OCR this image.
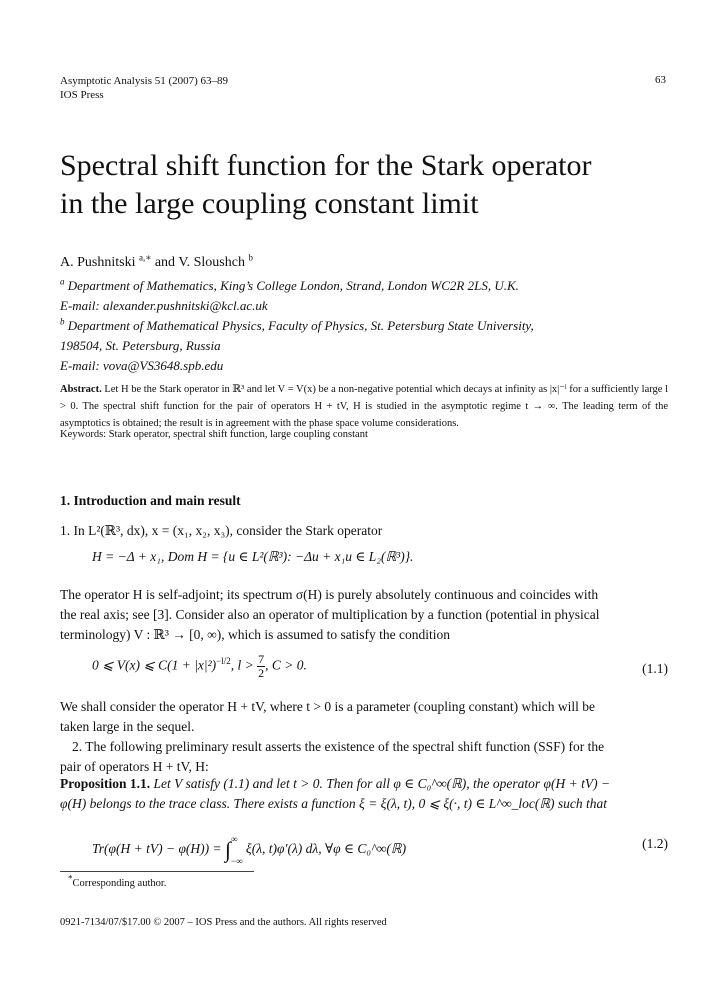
Asymptotic Analysis 51 (2007) 63–89
IOS Press
63
Spectral shift function for the Stark operator
in the large coupling constant limit
A. Pushnitski $^{a,∗}$ and V. Sloushch $^b$
$^a$ Department of Mathematics, King’s College London, Strand, London WC2R 2LS, U.K.
E-mail: alexander.pushnitski@kcl.ac.uk
$^b$ Department of Mathematical Physics, Faculty of Physics, St. Petersburg State University,
198504, St. Petersburg, Russia
E-mail: vova@VS3648.spb.edu
Abstract. Let H be the Stark operator in ℝ³ and let V = V(x) be a non-negative potential which decays at infinity as |x|⁻ˡ for a sufficiently large l > 0. The spectral shift function for the pair of operators H + tV, H is studied in the asymptotic regime t → ∞. The leading term of the asymptotics is obtained; the result is in agreement with the phase space volume considerations.
Keywords: Stark operator, spectral shift function, large coupling constant
1. Introduction and main result
1. In L²(ℝ³, dx), x = (x₁, x₂, x₃), consider the Stark operator
H = −Δ + x₁, Dom H = {u ∈ L²(ℝ³): −Δu + x₁u ∈ L₂(ℝ³)}.
The operator H is self-adjoint; its spectrum σ(H) is purely absolutely continuous and coincides with
the real axis; see [3]. Consider also an operator of multiplication by a function (potential in physical
terminology) V : ℝ³ → [0, ∞), which is assumed to satisfy the condition
0 ⩽ V(x) ⩽ $C(1 + |x|^2)^{-l/2}$, $l > \frac{7}{2}$ , C > 0.	(1.1)
We shall consider the operator H + tV, where t > 0 is a parameter (coupling constant) which will be
taken large in the sequel.
2. The following preliminary result asserts the existence of the spectral shift function (SSF) for the
pair of operators H + tV, H:
Proposition 1.1. Let V satisfy (1.1) and let t > 0. Then for all φ ∈ C₀^∞(ℝ), the operator φ(H + tV) −
φ(H) belongs to the trace class. There exists a function ξ = ξ(λ, t), 0 ⩽ ξ(·, t) ∈ L^∞_loc(ℝ) such that
Tr(φ(H + tV) − φ(H)) = ∫ ∞
−∞
ξ(λ, t)φ′(λ) dλ, ∀φ ∈ C₀^∞(ℝ)	(1.2)
*Corresponding author.
0921-7134/07/$17.00 © 2007 – IOS Press and the authors. All rights reserved
